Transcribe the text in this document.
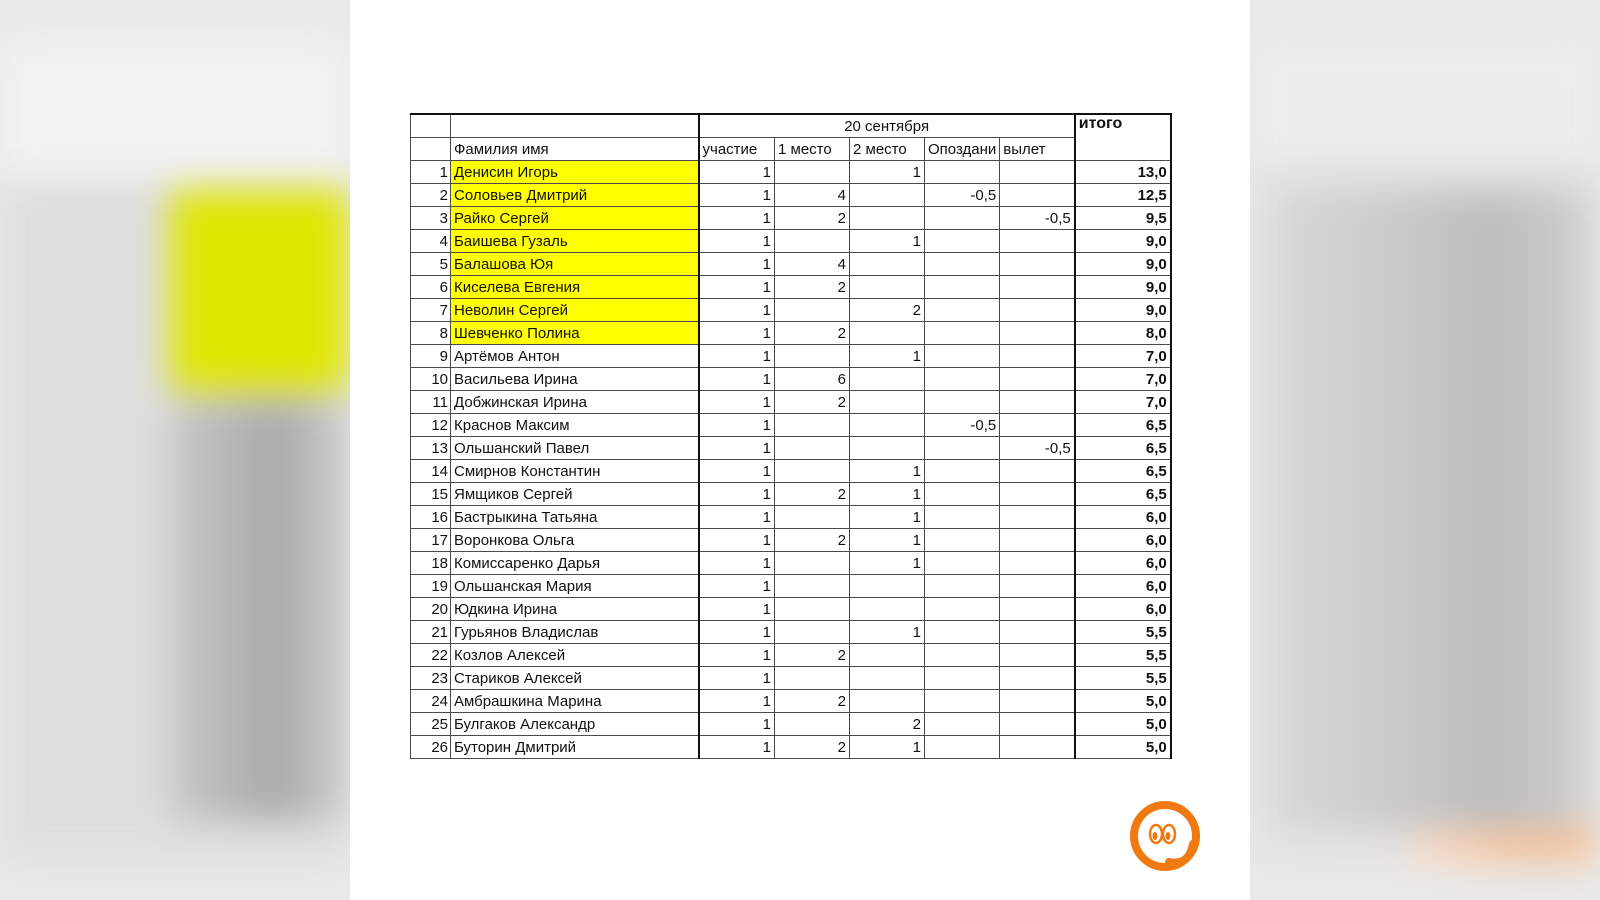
		20 сентября					итого
	Фамилия имя	участие	1 место	2 место	Опоздани	вылет	
1	Денисин Игорь	1		1			13,0
2	Соловьев Дмитрий	1	4		-0,5		12,5
3	Райко Сергей	1	2			-0,5	9,5
4	Баишева Гузаль	1		1			9,0
5	Балашова Юя	1	4				9,0
6	Киселева Евгения	1	2				9,0
7	Неволин Сергей	1		2			9,0
8	Шевченко Полина	1	2				8,0
9	Артёмов Антон	1		1			7,0
10	Васильева Ирина	1	6				7,0
11	Добжинская Ирина	1	2				7,0
12	Краснов Максим	1			-0,5		6,5
13	Ольшанский Павел	1				-0,5	6,5
14	Смирнов Константин	1		1			6,5
15	Ямщиков Сергей	1	2	1			6,5
16	Бастрыкина Татьяна	1		1			6,0
17	Воронкова Ольга	1	2	1			6,0
18	Комиссаренко Дарья	1		1			6,0
19	Ольшанская Мария	1					6,0
20	Юдкина Ирина	1					6,0
21	Гурьянов Владислав	1		1			5,5
22	Козлов Алексей	1	2				5,5
23	Стариков Алексей	1					5,5
24	Амбрашкина Марина	1	2				5,0
25	Булгаков Александр	1		2			5,0
26	Буторин Дмитрий	1	2	1			5,0
